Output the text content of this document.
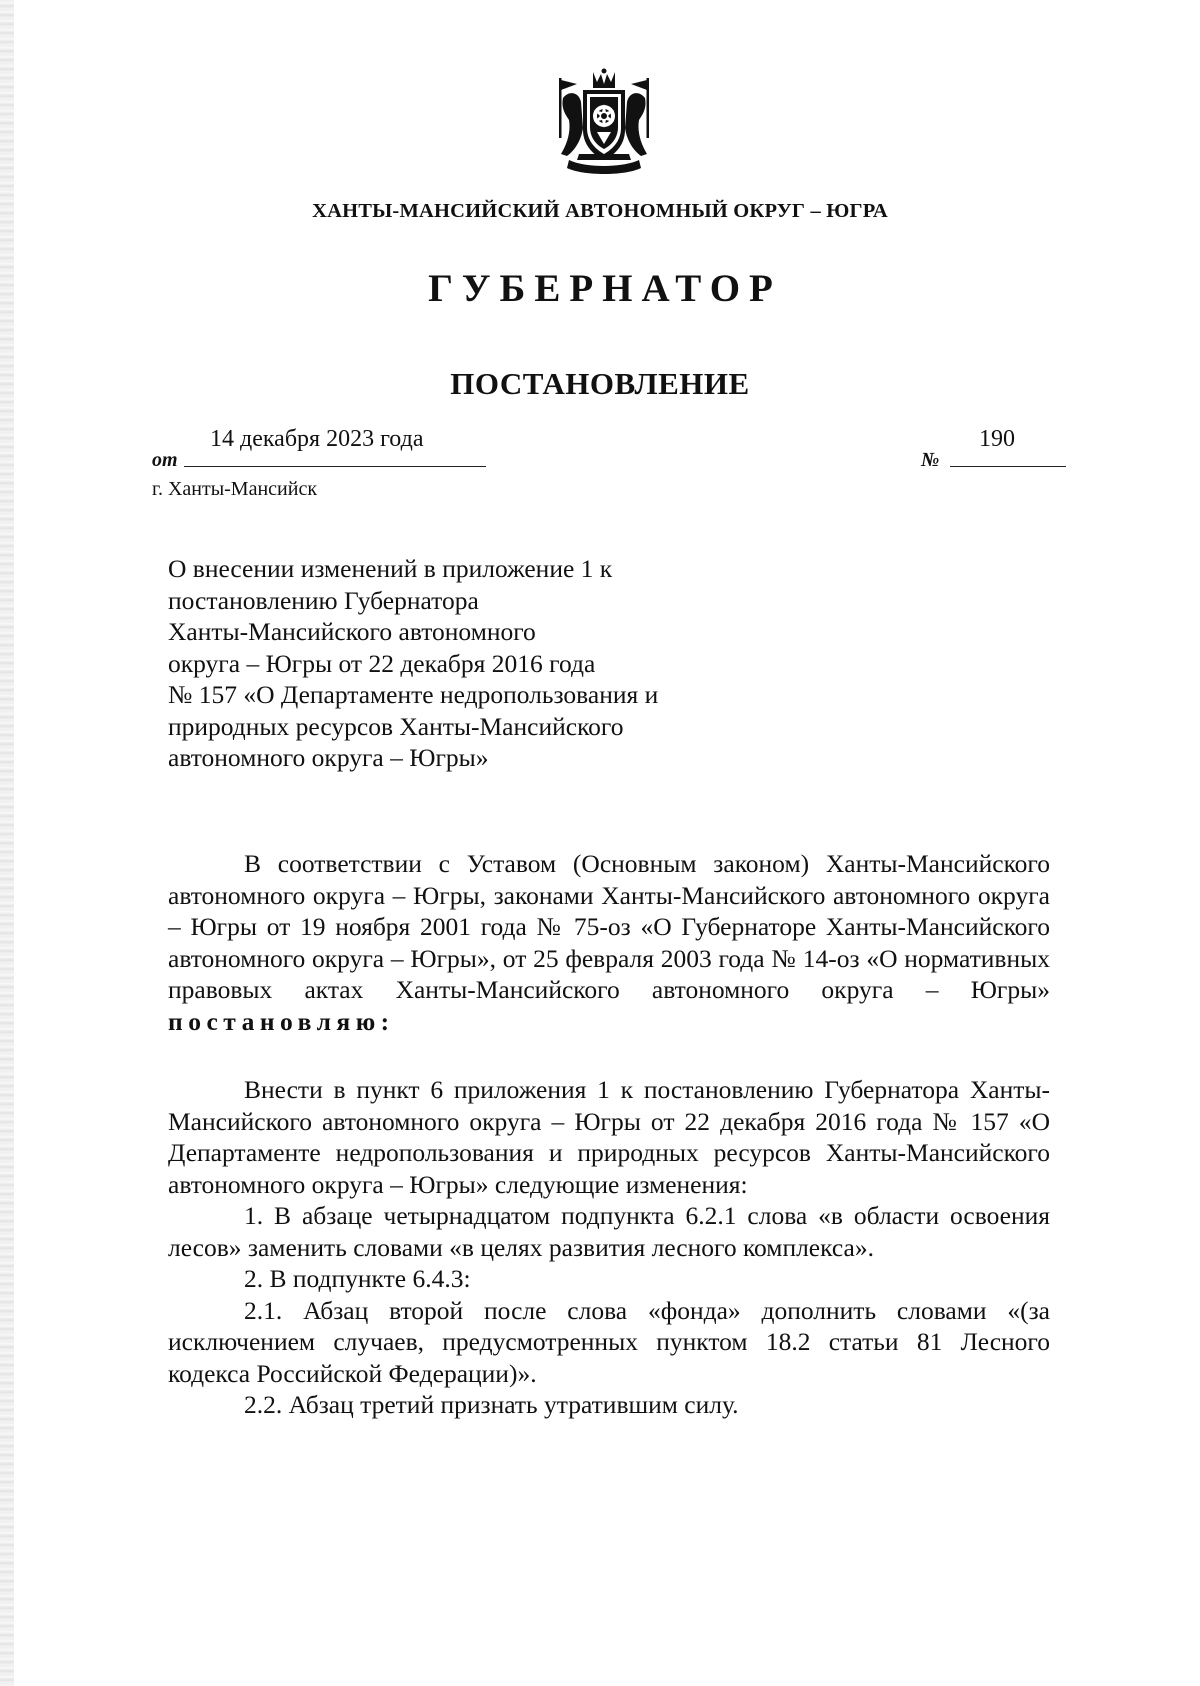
ХАНТЫ-МАНСИЙСКИЙ АВТОНОМНЫЙ ОКРУГ – ЮГРА
ГУБЕРНАТОР
ПОСТАНОВЛЕНИЕ
от
14 декабря 2023 года
№
190
г. Ханты-Мансийск
О внесении изменений в приложение 1 к
постановлению Губернатора
Ханты-Мансийского автономного
округа – Югры от 22 декабря 2016 года
№ 157 «О Департаменте недропользования и
природных ресурсов Ханты-Мансийского
автономного округа – Югры»

В соответствии с Уставом (Основным законом) Ханты-Мансийского автономного округа – Югры, законами Ханты-Мансийского автономного округа – Югры от 19 ноября 2001 года № 75-оз «О Губернаторе Ханты-Мансийского автономного округа – Югры», от 25 февраля 2003 года № 14-оз «О нормативных правовых актах Ханты-Мансийского автономного округа – Югры» постановляю:

Внести в пункт 6 приложения 1 к постановлению Губернатора Ханты-Мансийского автономного округа – Югры от 22 декабря 2016 года № 157 «О Департаменте недропользования и природных ресурсов Ханты-Мансийского автономного округа – Югры» следующие изменения:

1. В абзаце четырнадцатом подпункта 6.2.1 слова «в области освоения лесов» заменить словами «в целях развития лесного комплекса».

2. В подпункте 6.4.3:

2.1. Абзац второй после слова «фонда» дополнить словами «(за исключением случаев, предусмотренных пунктом 18.2 статьи 81 Лесного кодекса Российской Федерации)».

2.2. Абзац третий признать утратившим силу.
